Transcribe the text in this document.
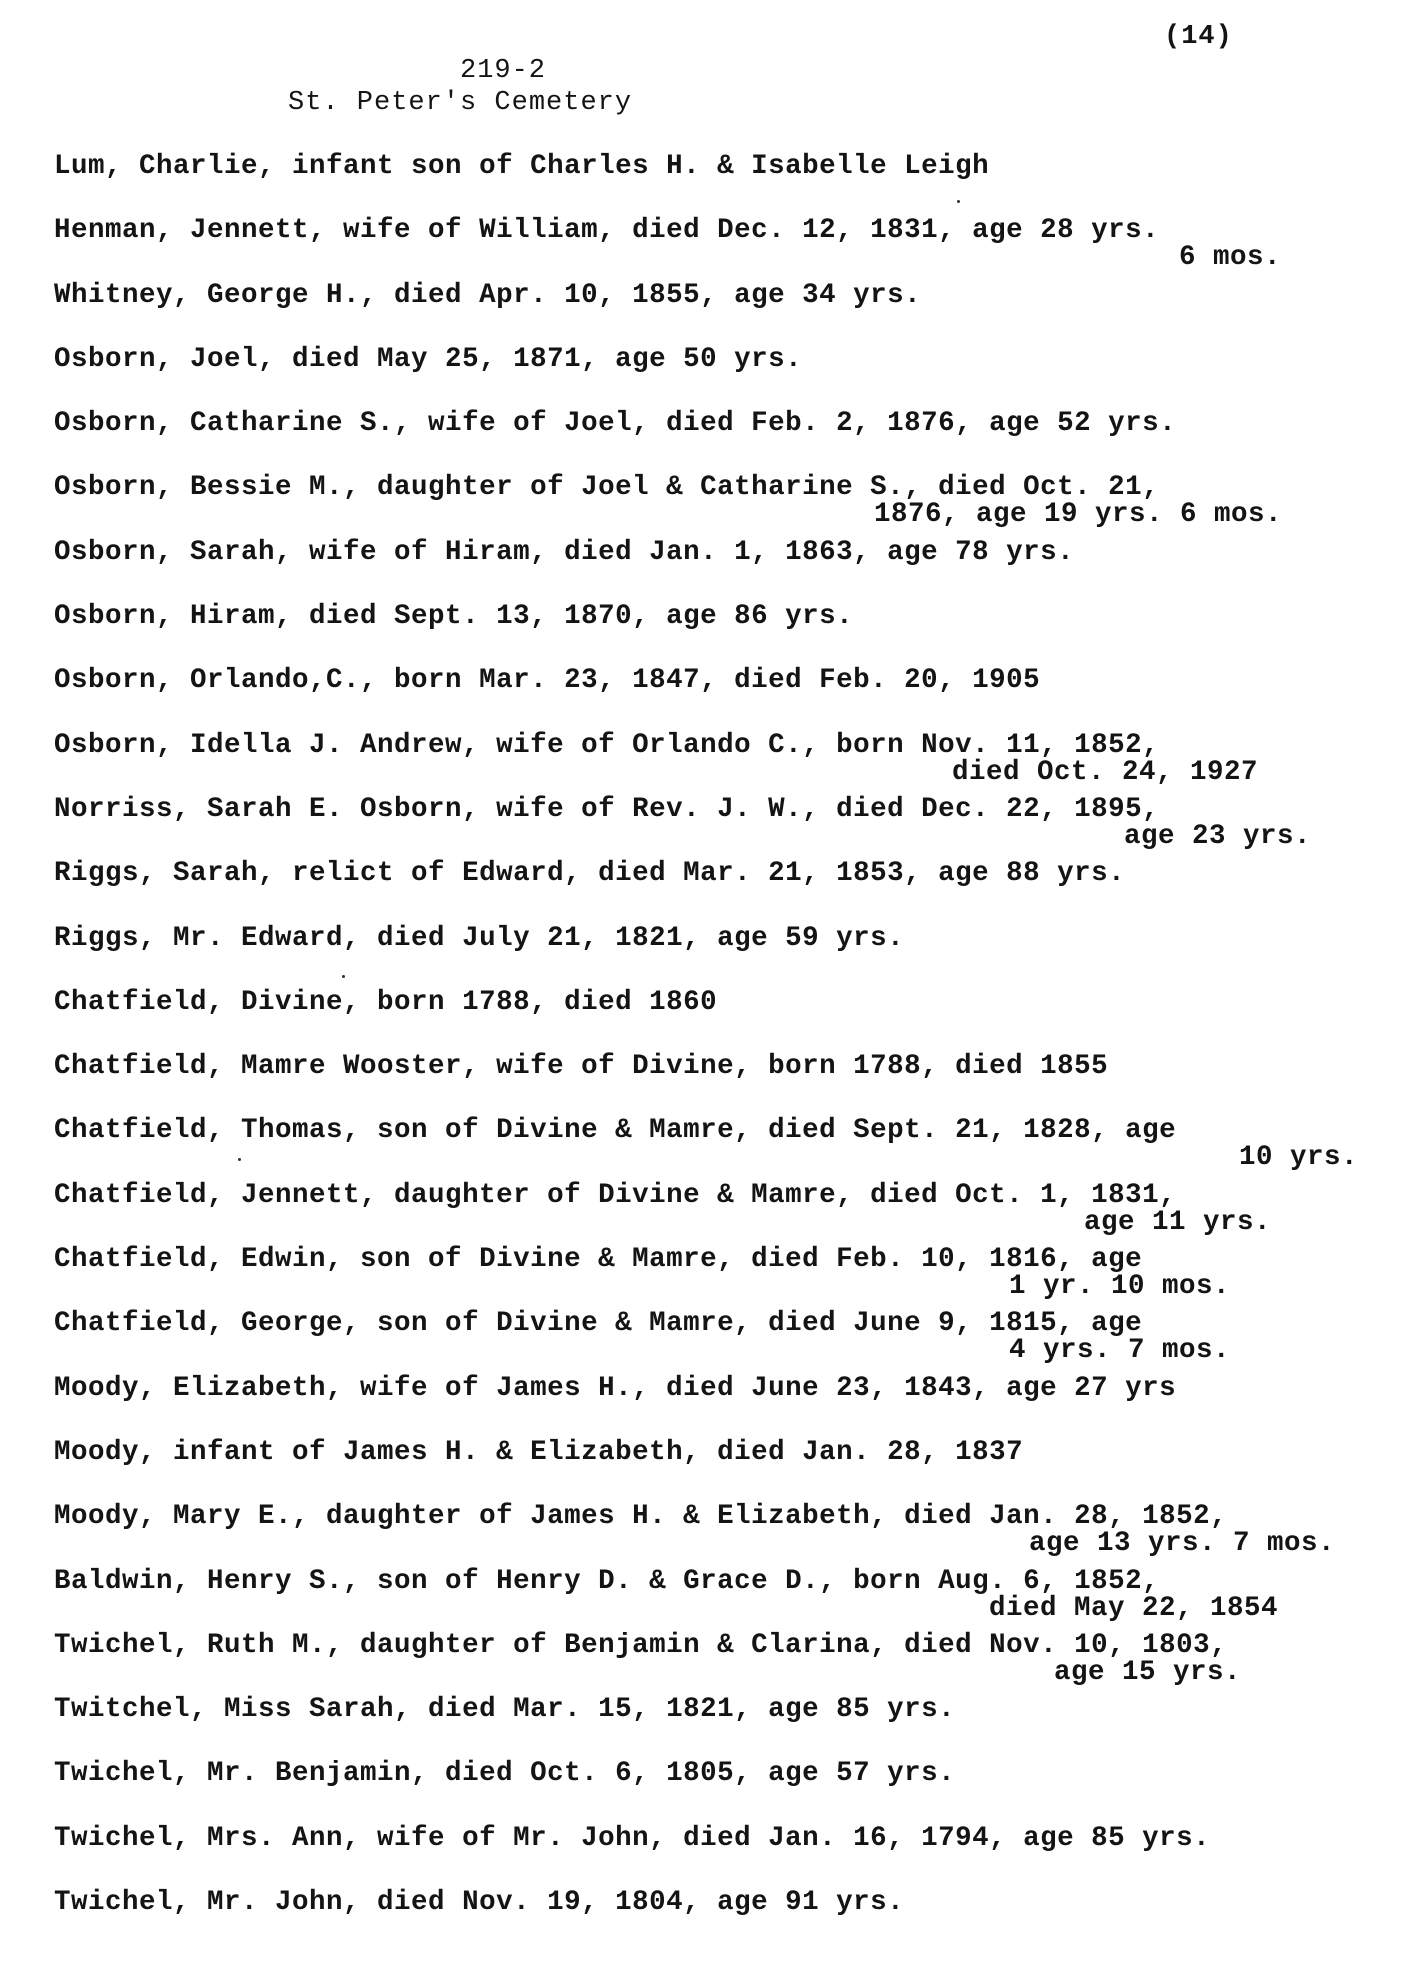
(14)
219-2
St. Peter's Cemetery
Lum, Charlie, infant son of Charles H. & Isabelle Leigh
Henman, Jennett, wife of William, died Dec. 12, 1831, age 28 yrs.
6 mos.
Whitney, George H., died Apr. 10, 1855, age 34 yrs.
Osborn, Joel, died May 25, 1871, age 50 yrs.
Osborn, Catharine S., wife of Joel, died Feb. 2, 1876, age 52 yrs.
Osborn, Bessie M., daughter of Joel & Catharine S., died Oct. 21,
1876, age 19 yrs. 6 mos.
Osborn, Sarah, wife of Hiram, died Jan. 1, 1863, age 78 yrs.
Osborn, Hiram, died Sept. 13, 1870, age 86 yrs.
Osborn, Orlando,C., born Mar. 23, 1847, died Feb. 20, 1905
Osborn, Idella J. Andrew, wife of Orlando C., born Nov. 11, 1852,
died Oct. 24, 1927
Norriss, Sarah E. Osborn, wife of Rev. J. W., died Dec. 22, 1895,
age 23 yrs.
Riggs, Sarah, relict of Edward, died Mar. 21, 1853, age 88 yrs.
Riggs, Mr. Edward, died July 21, 1821, age 59 yrs.
Chatfield, Divine, born 1788, died 1860
Chatfield, Mamre Wooster, wife of Divine, born 1788, died 1855
Chatfield, Thomas, son of Divine & Mamre, died Sept. 21, 1828, age
10 yrs.
Chatfield, Jennett, daughter of Divine & Mamre, died Oct. 1, 1831,
age 11 yrs.
Chatfield, Edwin, son of Divine & Mamre, died Feb. 10, 1816, age
1 yr. 10 mos.
Chatfield, George, son of Divine & Mamre, died June 9, 1815, age
4 yrs. 7 mos.
Moody, Elizabeth, wife of James H., died June 23, 1843, age 27 yrs
Moody, infant of James H. & Elizabeth, died Jan. 28, 1837
Moody, Mary E., daughter of James H. & Elizabeth, died Jan. 28, 1852,
age 13 yrs. 7 mos.
Baldwin, Henry S., son of Henry D. & Grace D., born Aug. 6, 1852,
died May 22, 1854
Twichel, Ruth M., daughter of Benjamin & Clarina, died Nov. 10, 1803,
age 15 yrs.
Twitchel, Miss Sarah, died Mar. 15, 1821, age 85 yrs.
Twichel, Mr. Benjamin, died Oct. 6, 1805, age 57 yrs.
Twichel, Mrs. Ann, wife of Mr. John, died Jan. 16, 1794, age 85 yrs.
Twichel, Mr. John, died Nov. 19, 1804, age 91 yrs.
